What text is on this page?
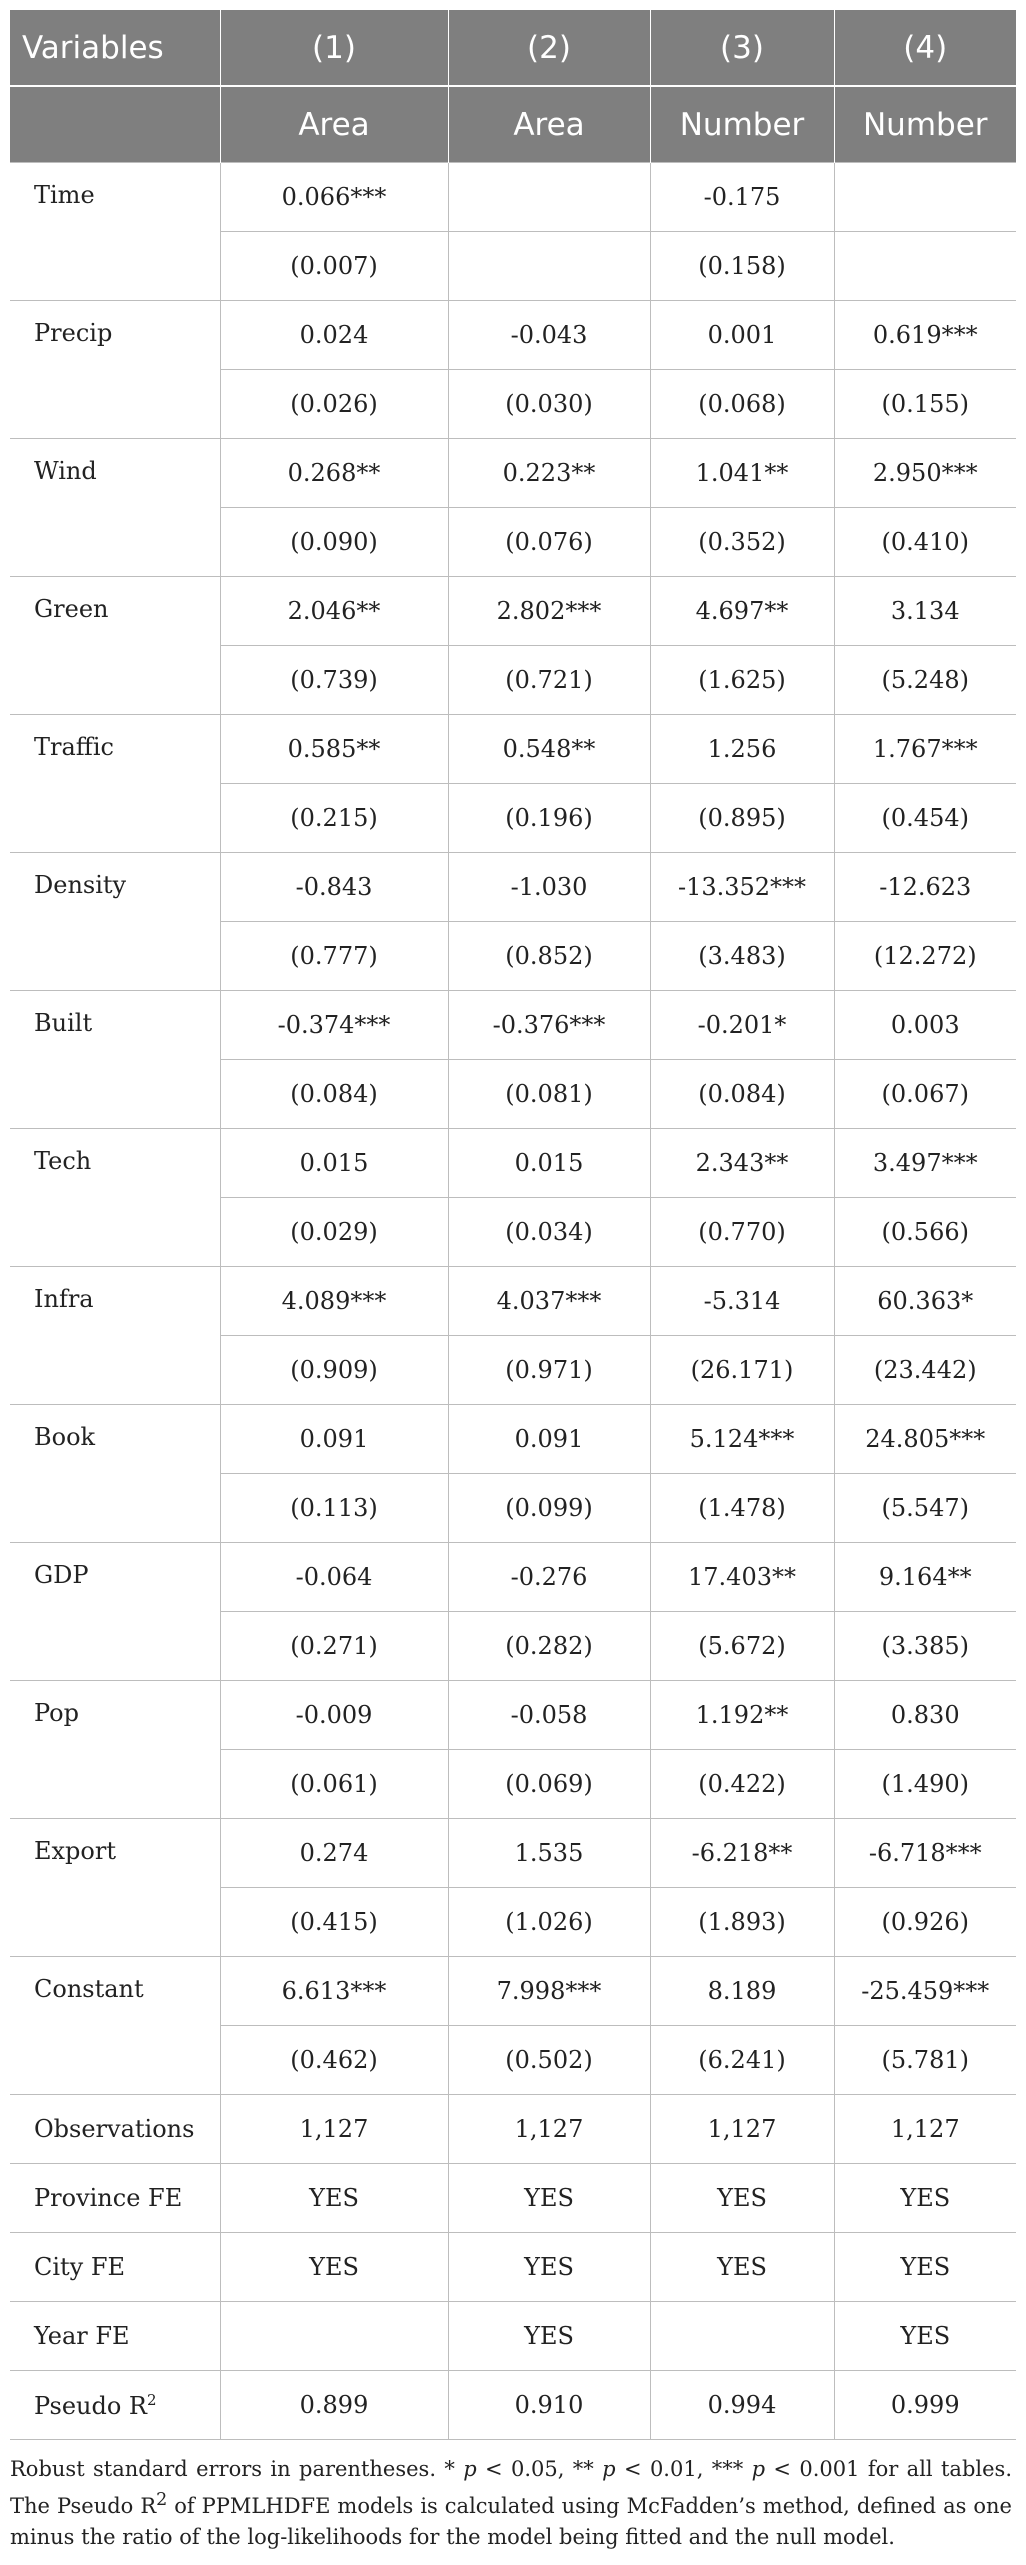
Variables	(1)	(2)	(3)	(4)
	Area	Area	Number	Number
Time	0.066***		-0.175	
	(0.007)		(0.158)	
Precip	0.024	-0.043	0.001	0.619***
	(0.026)	(0.030)	(0.068)	(0.155)
Wind	0.268**	0.223**	1.041**	2.950***
	(0.090)	(0.076)	(0.352)	(0.410)
Green	2.046**	2.802***	4.697**	3.134
	(0.739)	(0.721)	(1.625)	(5.248)
Traffic	0.585**	0.548**	1.256	1.767***
	(0.215)	(0.196)	(0.895)	(0.454)
Density	-0.843	-1.030	-13.352***	-12.623
	(0.777)	(0.852)	(3.483)	(12.272)
Built	-0.374***	-0.376***	-0.201*	0.003
	(0.084)	(0.081)	(0.084)	(0.067)
Tech	0.015	0.015	2.343**	3.497***
	(0.029)	(0.034)	(0.770)	(0.566)
Infra	4.089***	4.037***	-5.314	60.363*
	(0.909)	(0.971)	(26.171)	(23.442)
Book	0.091	0.091	5.124***	24.805***
	(0.113)	(0.099)	(1.478)	(5.547)
GDP	-0.064	-0.276	17.403**	9.164**
	(0.271)	(0.282)	(5.672)	(3.385)
Pop	-0.009	-0.058	1.192**	0.830
	(0.061)	(0.069)	(0.422)	(1.490)
Export	0.274	1.535	-6.218**	-6.718***
	(0.415)	(1.026)	(1.893)	(0.926)
Constant	6.613***	7.998***	8.189	-25.459***
	(0.462)	(0.502)	(6.241)	(5.781)
Observations	1,127	1,127	1,127	1,127
Province FE	YES	YES	YES	YES
City FE	YES	YES	YES	YES
Year FE		YES		YES
Pseudo $R^2$	0.899	0.910	0.994	0.999
Robust standard errors in parentheses. * p < 0.05, ** p < 0.01, *** p < 0.001 for all tables. The Pseudo $R^2$ of PPMLHDFE models is calculated using McFadden’s method, defined as one minus the ratio of the log-likelihoods for the model being fitted and the null model.
